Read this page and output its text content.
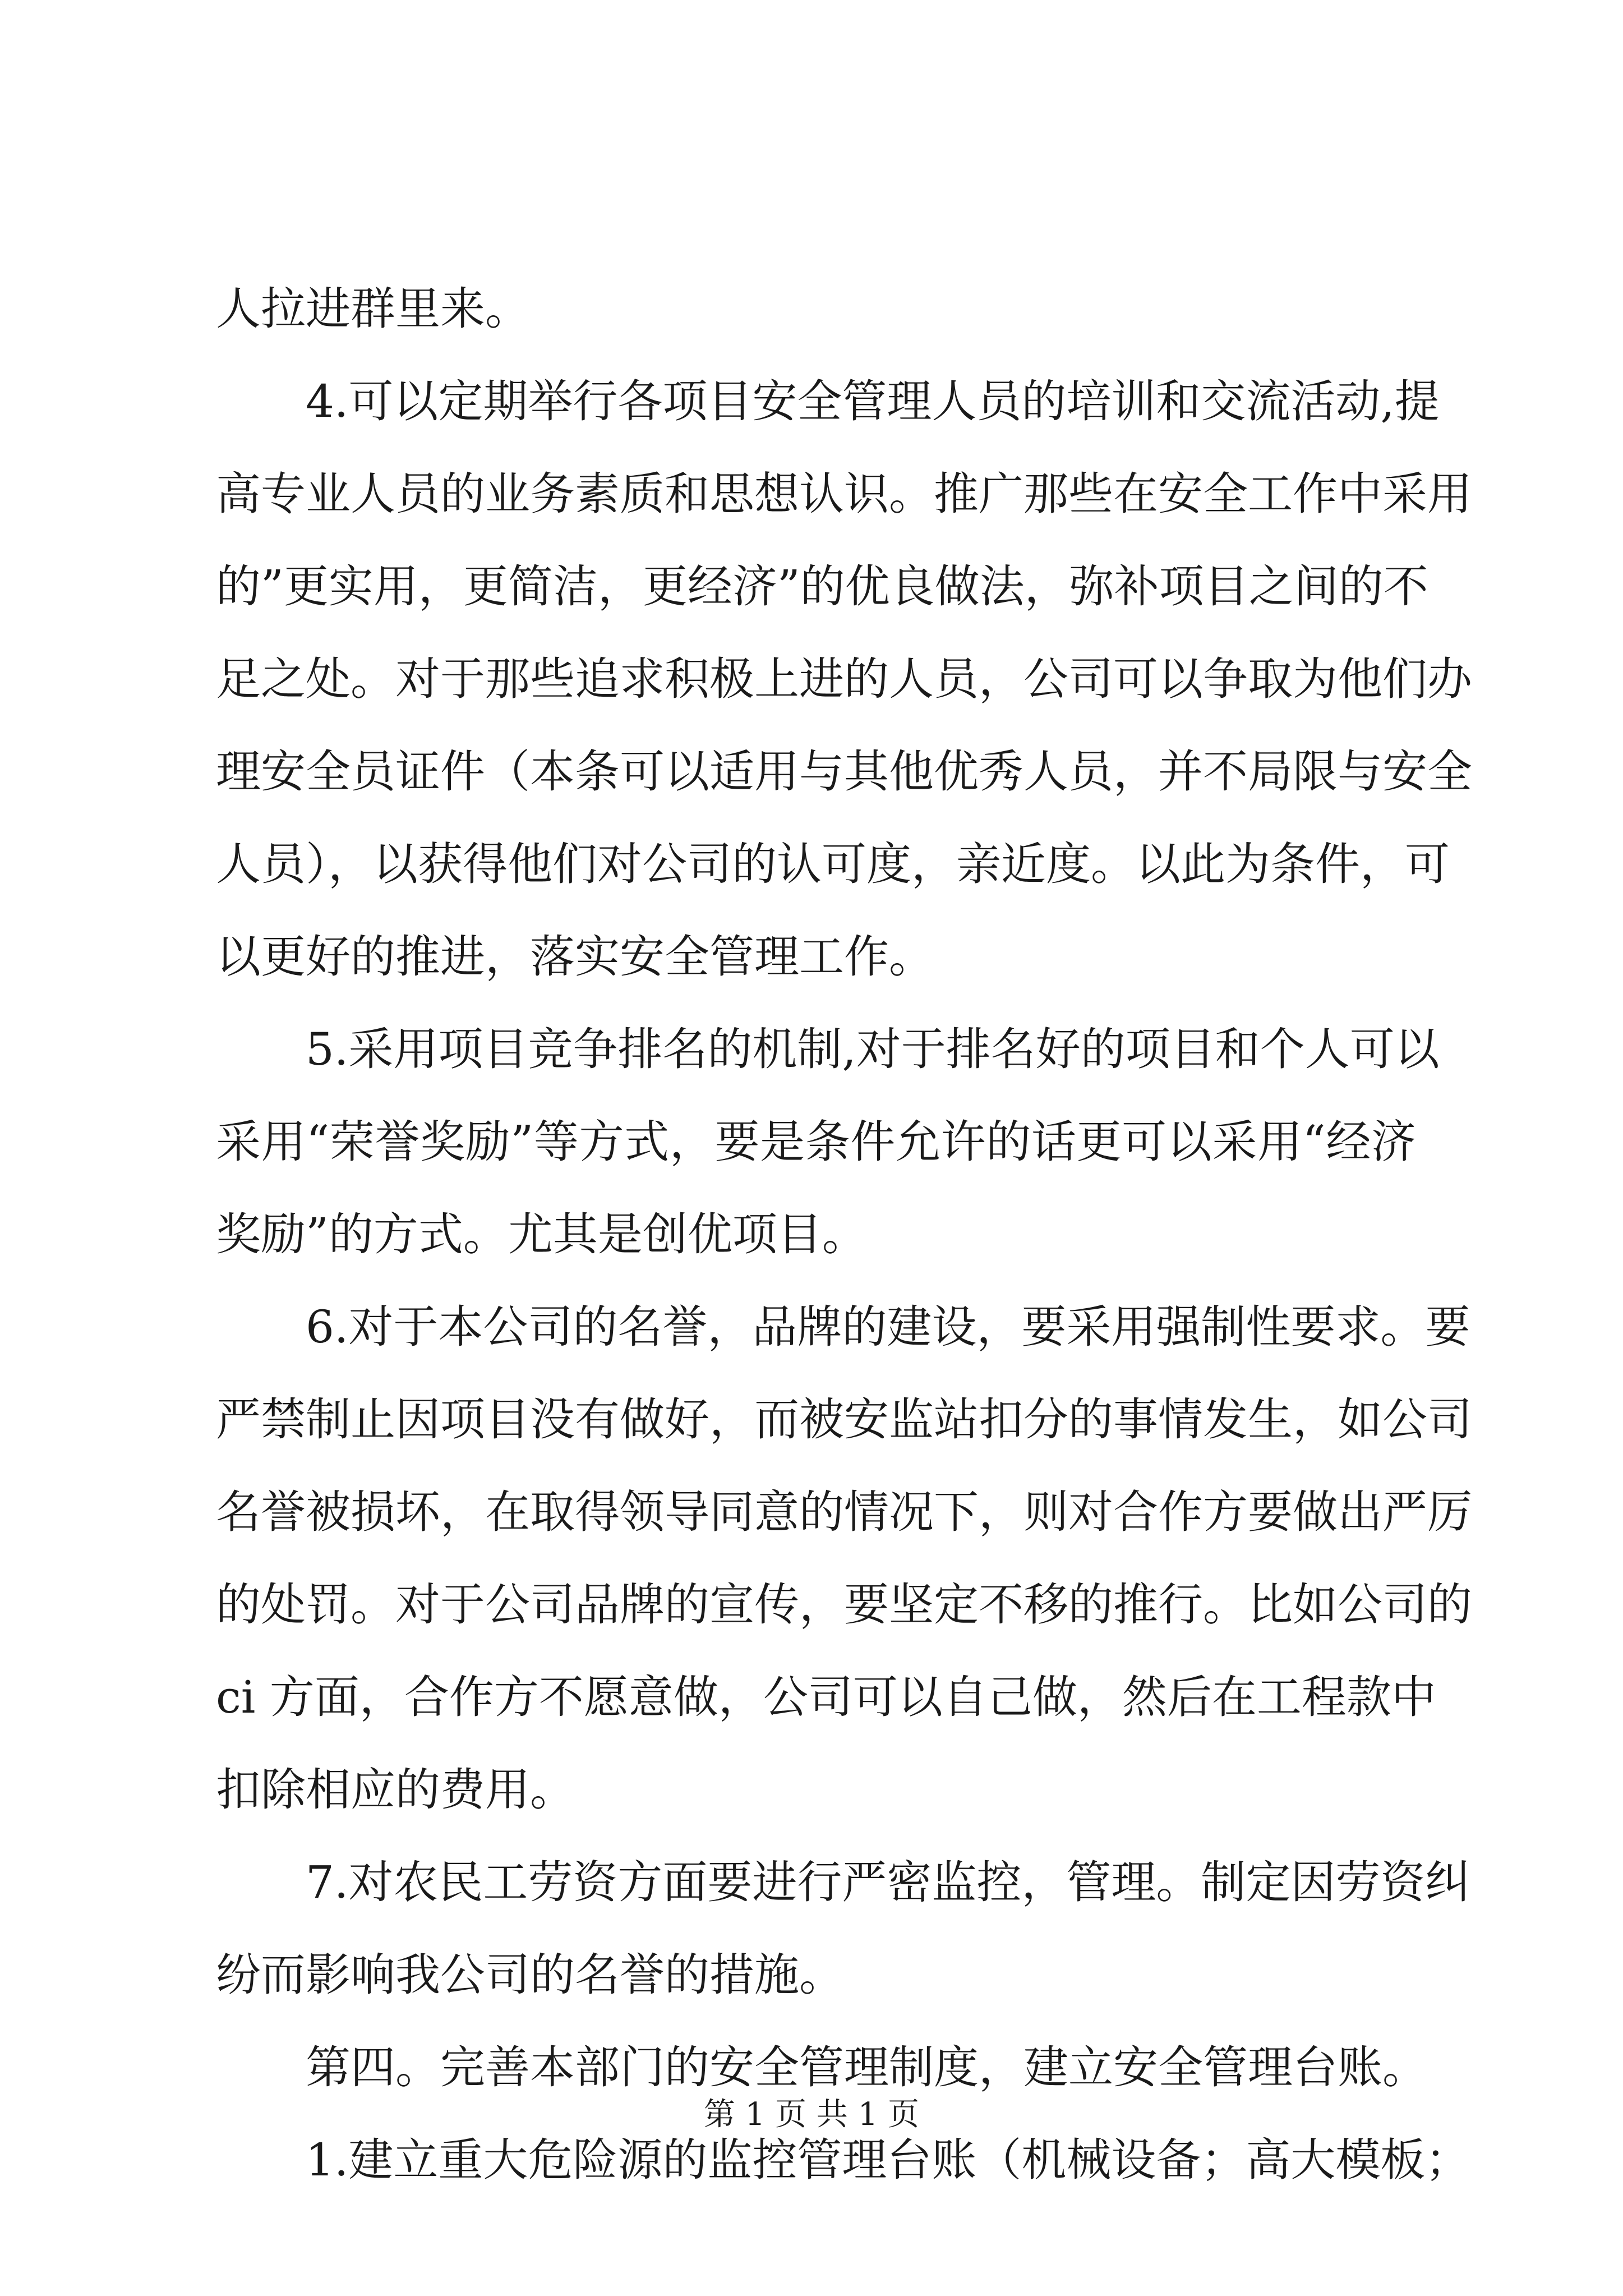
人拉进群里来。
4.可以定期举行各项目安全管理人员的培训和交流活动,提
高专业人员的业务素质和思想认识。推广那些在安全工作中采用
的”更实用，更简洁，更经济”的优良做法，弥补项目之间的不
足之处。对于那些追求积极上进的人员，公司可以争取为他们办
理安全员证件（本条可以适用与其他优秀人员，并不局限与安全
人员），以获得他们对公司的认可度，亲近度。以此为条件，可
以更好的推进，落实安全管理工作。
5.采用项目竞争排名的机制,对于排名好的项目和个人可以
采用“荣誉奖励”等方式，要是条件允许的话更可以采用“经济
奖励”的方式。尤其是创优项目。
6.对于本公司的名誉，品牌的建设，要采用强制性要求。要
严禁制止因项目没有做好，而被安监站扣分的事情发生，如公司
名誉被损坏，在取得领导同意的情况下，则对合作方要做出严厉
的处罚。对于公司品牌的宣传，要坚定不移的推行。比如公司的
ci 方面，合作方不愿意做，公司可以自己做，然后在工程款中
扣除相应的费用。
7.对农民工劳资方面要进行严密监控，管理。制定因劳资纠
纷而影响我公司的名誉的措施。
第四。完善本部门的安全管理制度，建立安全管理台账。
1.建立重大危险源的监控管理台账（机械设备；高大模板；
第 1 页 共 1 页
